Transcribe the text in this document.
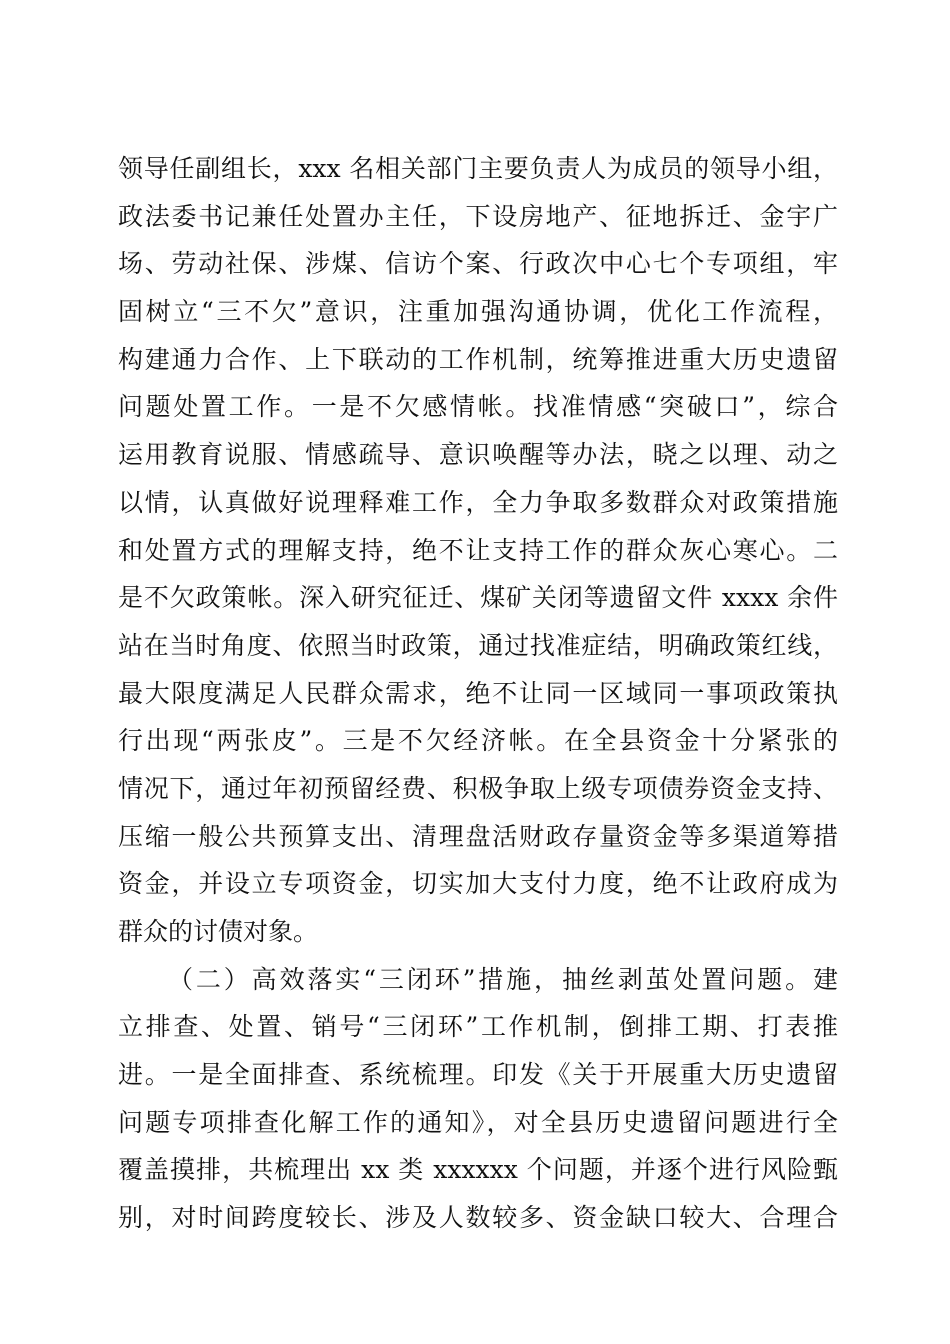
领导任副组长，xxx 名相关部门主要负责人为成员的领导小组，
政法委书记兼任处置办主任，下设房地产、征地拆迁、金宇广
场、劳动社保、涉煤、信访个案、行政次中心七个专项组，牢
固树立“三不欠”意识，注重加强沟通协调，优化工作流程，
构建通力合作、上下联动的工作机制，统筹推进重大历史遗留
问题处置工作。一是不欠感情帐。找准情感“突破口”，综合
运用教育说服、情感疏导、意识唤醒等办法，晓之以理、动之
以情，认真做好说理释难工作，全力争取多数群众对政策措施
和处置方式的理解支持，绝不让支持工作的群众灰心寒心。二
是不欠政策帐。深入研究征迁、煤矿关闭等遗留文件 xxxx 余件
站在当时角度、依照当时政策，通过找准症结，明确政策红线，
最大限度满足人民群众需求，绝不让同一区域同一事项政策执
行出现“两张皮”。三是不欠经济帐。在全县资金十分紧张的
情况下，通过年初预留经费、积极争取上级专项债券资金支持、
压缩一般公共预算支出、清理盘活财政存量资金等多渠道筹措
资金，并设立专项资金，切实加大支付力度，绝不让政府成为
群众的讨债对象。
（二）高效落实“三闭环”措施，抽丝剥茧处置问题。建
立排查、处置、销号“三闭环”工作机制，倒排工期、打表推
进。一是全面排查、系统梳理。印发《关于开展重大历史遗留
问题专项排查化解工作的通知》，对全县历史遗留问题进行全
覆盖摸排，共梳理出 xx 类 xxxxxx 个问题，并逐个进行风险甄
别，对时间跨度较长、涉及人数较多、资金缺口较大、合理合
